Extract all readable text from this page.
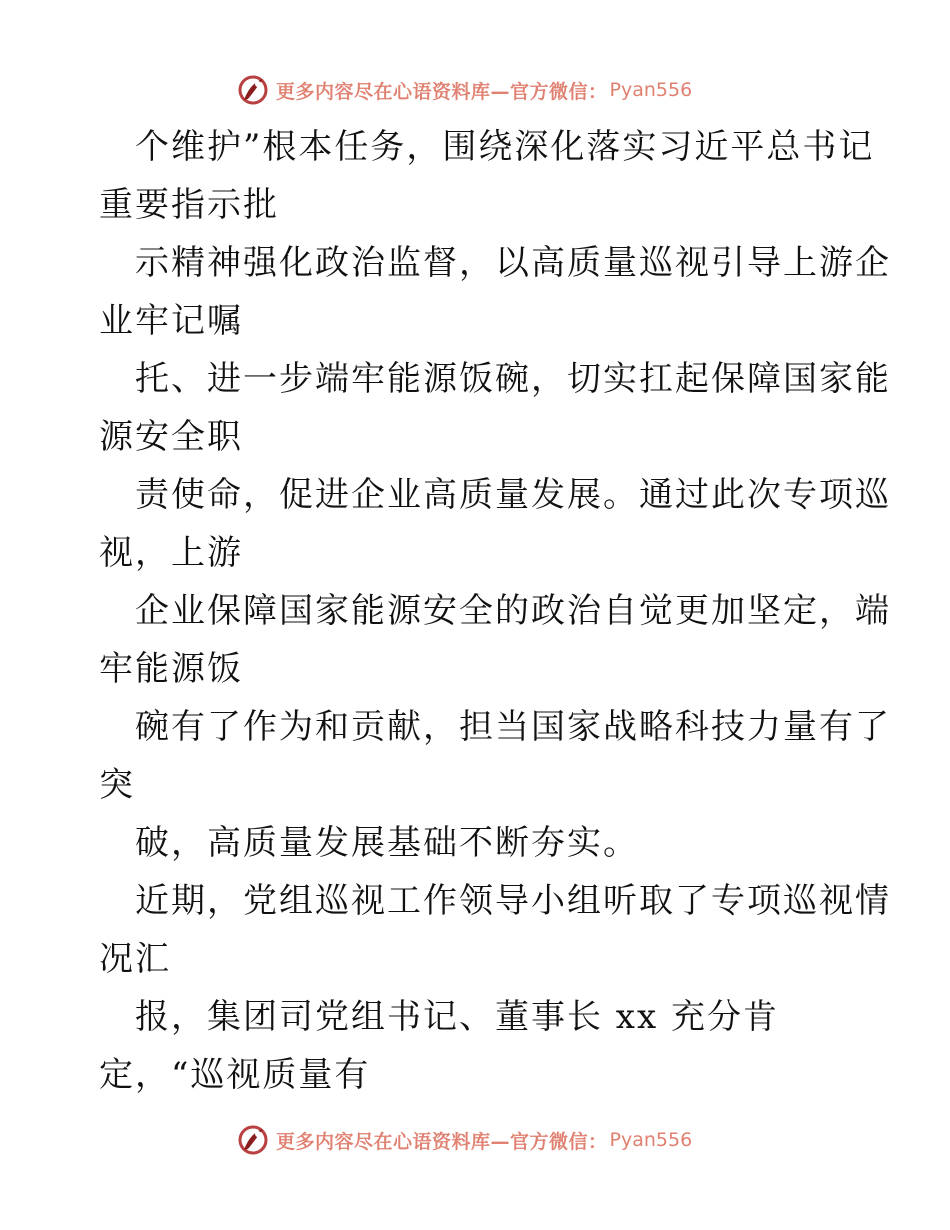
更多内容尽在心语资料库—官方微信： Pyan556
个维护”根本任务，围绕深化落实习近平总书记
重要指示批
示精神强化政治监督，以高质量巡视引导上游企
业牢记嘱
托、进一步端牢能源饭碗，切实扛起保障国家能
源安全职
责使命，促进企业高质量发展。通过此次专项巡
视，上游
企业保障国家能源安全的政治自觉更加坚定，端
牢能源饭
碗有了作为和贡献，担当国家战略科技力量有了
突
破，高质量发展基础不断夯实。
近期，党组巡视工作领导小组听取了专项巡视情
况汇
报，集团司党组书记、董事长 xx 充分肯
定，“巡视质量有
更多内容尽在心语资料库—官方微信： Pyan556
